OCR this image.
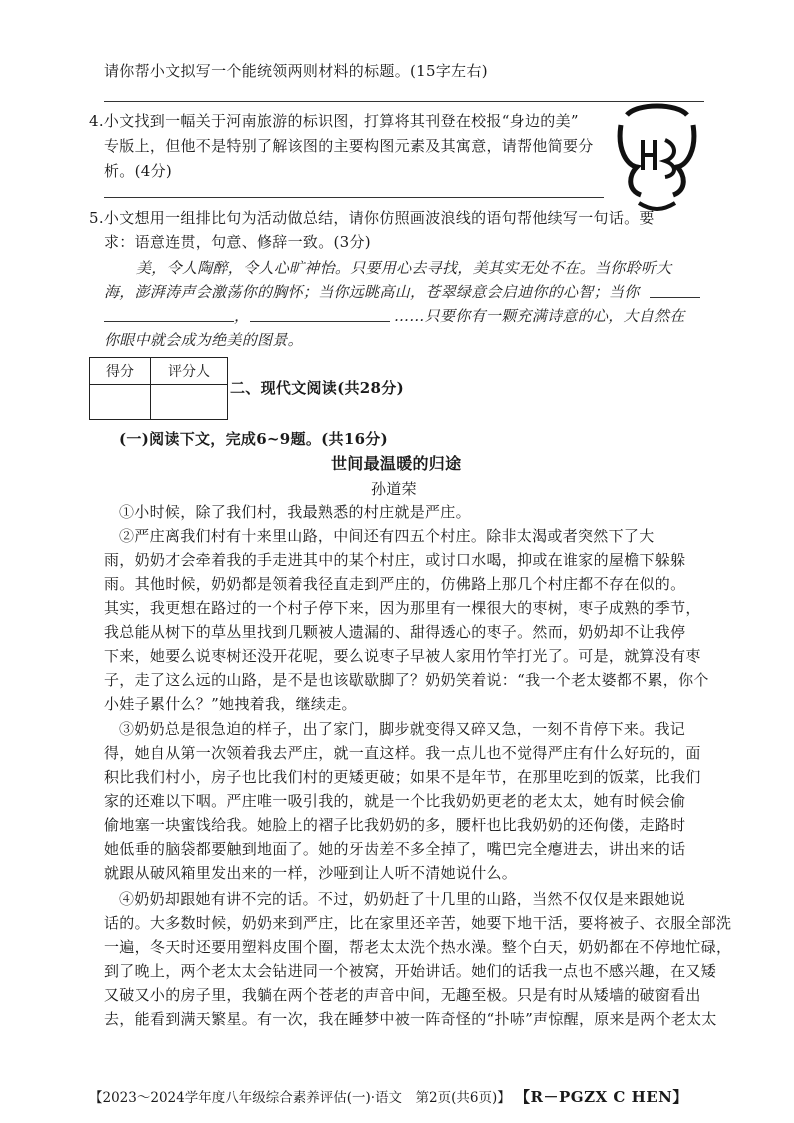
请你帮小文拟写一个能统领两则材料的标题。(15字左右)
4.小文找到一幅关于河南旅游的标识图，打算将其刊登在校报“身边的美”
专版上，但他不是特别了解该图的主要构图元素及其寓意，请帮他简要分
析。(4分)
5.小文想用一组排比句为活动做总结，请你仿照画波浪线的语句帮他续写一句话。要
求：语意连贯，句意、修辞一致。(3分)
美，令人陶醉，令人心旷神怡。只要用心去寻找，美其实无处不在。当你聆听大
海，澎湃涛声会激荡你的胸怀；当你远眺高山，苍翠绿意会启迪你的心智；当你
，	……只要你有一颗充满诗意的心，大自然在
你眼中就会成为绝美的图景。
得分	评分人

二、现代文阅读(共28分)
(一)阅读下文，完成6~9题。(共16分)
世间最温暖的归途
孙道荣
①小时候，除了我们村，我最熟悉的村庄就是严庄。
②严庄离我们村有十来里山路，中间还有四五个村庄。除非太渴或者突然下了大
雨，奶奶才会牵着我的手走进其中的某个村庄，或讨口水喝，抑或在谁家的屋檐下躲躲
雨。其他时候，奶奶都是领着我径直走到严庄的，仿佛路上那几个村庄都不存在似的。
其实，我更想在路过的一个村子停下来，因为那里有一棵很大的枣树，枣子成熟的季节，
我总能从树下的草丛里找到几颗被人遗漏的、甜得透心的枣子。然而，奶奶却不让我停
下来，她要么说枣树还没开花呢，要么说枣子早被人家用竹竿打光了。可是，就算没有枣
子，走了这么远的山路，是不是也该歇歇脚了？奶奶笑着说：“我一个老太婆都不累，你个
小娃子累什么？”她拽着我，继续走。
③奶奶总是很急迫的样子，出了家门，脚步就变得又碎又急，一刻不肯停下来。我记
得，她自从第一次领着我去严庄，就一直这样。我一点儿也不觉得严庄有什么好玩的，面
积比我们村小，房子也比我们村的更矮更破；如果不是年节，在那里吃到的饭菜，比我们
家的还难以下咽。严庄唯一吸引我的，就是一个比我奶奶更老的老太太，她有时候会偷
偷地塞一块蜜饯给我。她脸上的褶子比我奶奶的多，腰杆也比我奶奶的还佝偻，走路时
她低垂的脑袋都要触到地面了。她的牙齿差不多全掉了，嘴巴完全瘪进去，讲出来的话
就跟从破风箱里发出来的一样，沙哑到让人听不清她说什么。
④奶奶却跟她有讲不完的话。不过，奶奶赶了十几里的山路，当然不仅仅是来跟她说
话的。大多数时候，奶奶来到严庄，比在家里还辛苦，她要下地干活，要将被子、衣服全部洗
一遍，冬天时还要用塑料皮围个圈，帮老太太洗个热水澡。整个白天，奶奶都在不停地忙碌，
到了晚上，两个老太太会钻进同一个被窝，开始讲话。她们的话我一点也不感兴趣，在又矮
又破又小的房子里，我躺在两个苍老的声音中间，无趣至极。只是有时从矮墙的破窗看出
去，能看到满天繁星。有一次，我在睡梦中被一阵奇怪的“扑哧”声惊醒，原来是两个老太太
【2023～2024学年度八年级综合素养评估(一)·语文　第2页(共6页)】 【R－PGZX C HEN】
